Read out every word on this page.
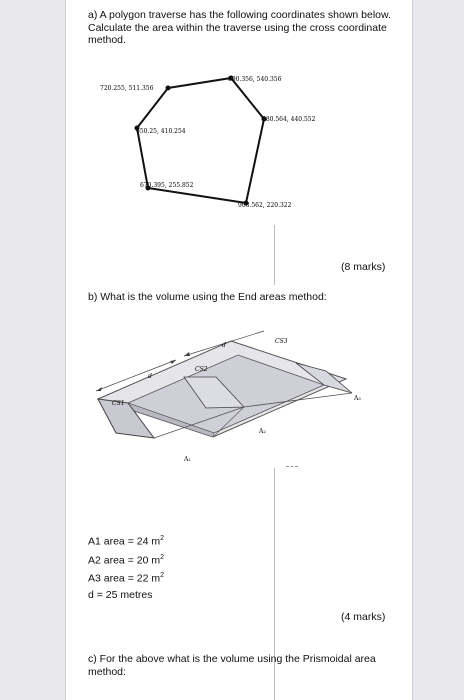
a) A polygon traverse has the following coordinates shown below. Calculate the area within the traverse using the cross coordinate method.

720.255, 511.356
890.356, 540.356
980.564, 440.552
650.25, 410.254
670.395, 255.852
908.562, 220.322
(8 marks)

b) What is the volume using the End areas method:

CS1
CS2
CS3
d
d
A₁
A₂
A₃
A1 area = 24 $m^2$
A2 area = 20 $m^2$
A3 area = 22 $m^2$
d = 25 metres
(4 marks)

c) For the above what is the volume using the Prismoidal area method:
